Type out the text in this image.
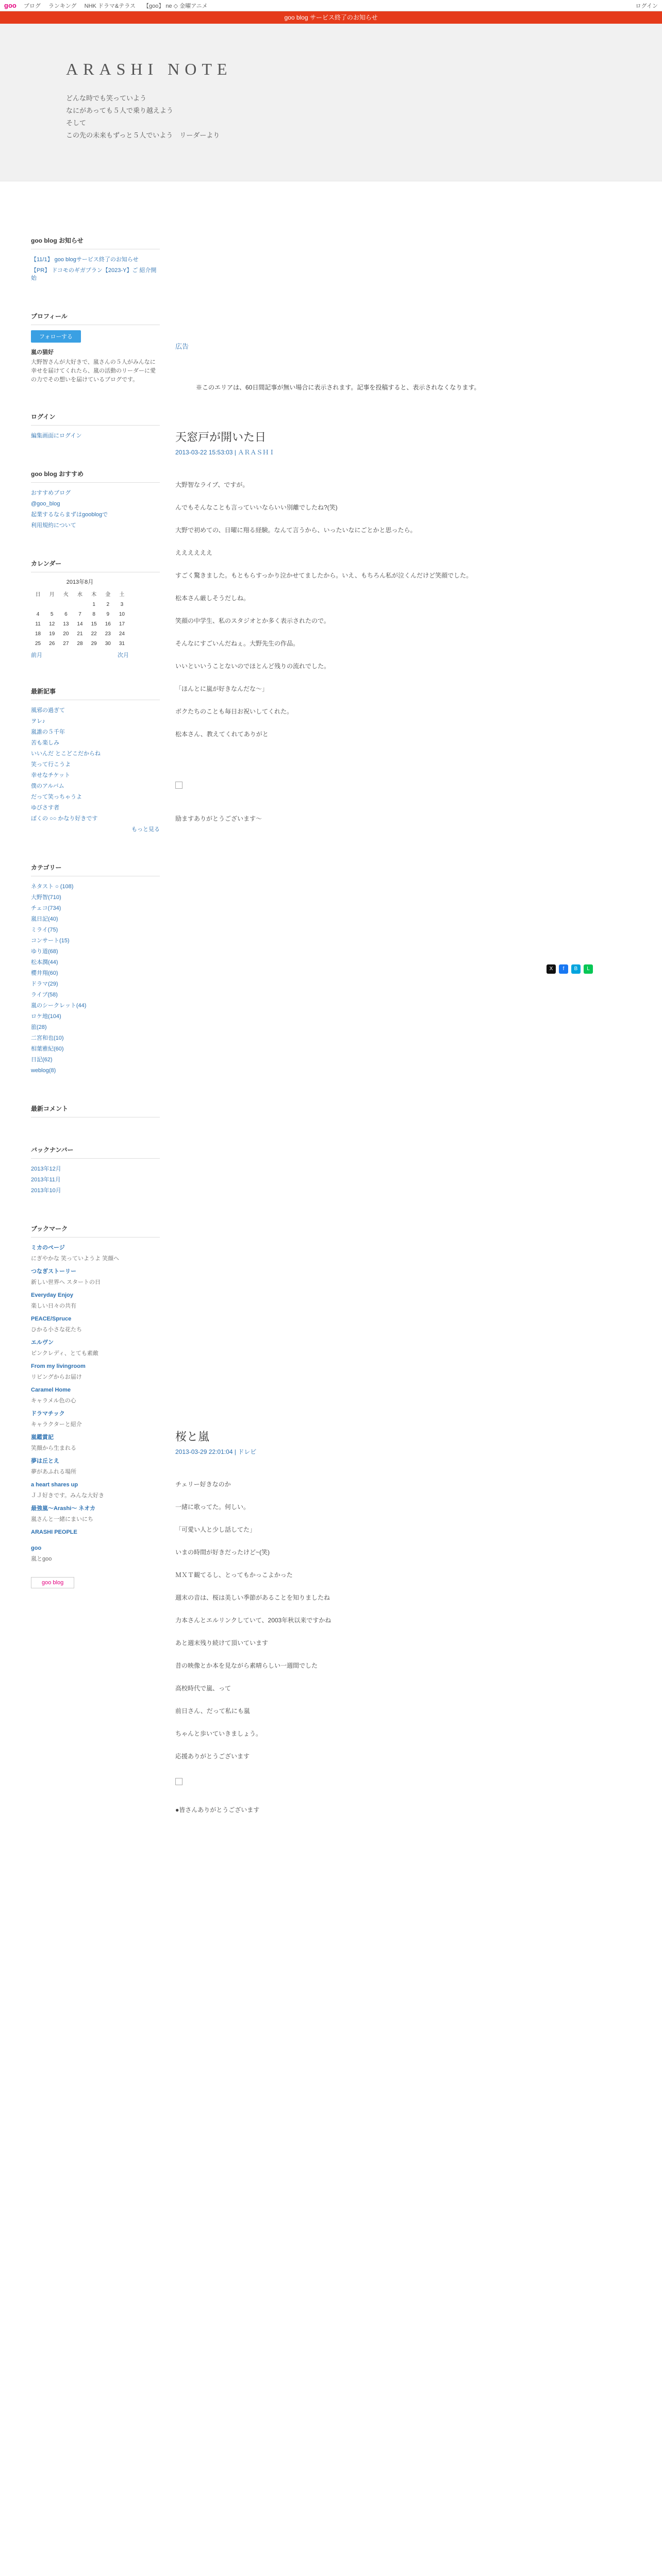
goo ブログ ランキング NHK ドラマ&テラス 【goo】 ne ◇ 金曜アニメ	ログイン
goo blog サービス終了のお知らせ
ARASHI NOTE

どんな時でも笑っていよう

なにがあっても５人で乗り越えよう

そして

この先の未来もずっと５人でいよう　リーダーより

goo blog お知らせ
【11/1】 goo blogサービス終了のお知らせ
【PR】 ドコモのギガプラン【2023-Y】ご 紹介開始
プロフィール
フォローする
嵐の猫好
大野智さんが大好きで、嵐さんの５人がみんなに幸せを届けてくれたら、嵐の活動のリーダーに愛の力でその想いを届けているブログです。
ログイン
編集画面にログイン
goo blog おすすめ
おすすめブログ
@goo_blog
起業するならまずはgooblogで
利用規約について
カレンダー
2013年8月
日	月	火	水	木	金	土
				1	2	3
4	5	6	7	8	9	10
11	12	13	14	15	16	17
18	19	20	21	22	23	24
25	26	27	28	29	30	31
前月	次月
最新記事
風邪の過ぎて
ヲレ♪
嵐誰の５千年
苦も楽しみ
いいんだ とこどこだからね
笑って行こうよ
幸せなチケット
僕のアルバム
だって笑っちゃうよ
ゆびさす者
ぼくの ○○ かなり好きです
もっと見る
カテゴリー
ネタスト ○ (108)
大野智(710)
チェコ(734)
嵐日記(40)
ミライ(75)
コンサート(15)
ゆり道(68)
松本潤(44)
櫻井翔(60)
ドラマ(29)
ライブ(58)
嵐のシークレット(44)
ロケ地(104)
旅(28)
二宮和也(10)
相葉雅紀(60)
日記(62)
weblog(8)
最新コメント
バックナンバー
2013年12月
2013年11月
2013年10月
ブックマーク
ミカのページ
にぎやかな 笑っていようよ 笑顔へ
つなぎストーリー
新しい世界へ スタートの日
Everyday Enjoy
楽しい日々の共有
PEACE/Spruce
ひかる小さな花たち
エルヴン
ピンクレディ、とても素敵
From my livingroom
リビングからお届け
Caramel Home
キャラメル色の心
ドラマチック
キャラクターと紹介
嵐鑑賞記
笑顔から生まれる
夢は丘とえ
夢があふれる場所
a heart shares up
ＪＪ好きです。みんな大好き
最強嵐～Arashi～ ネオカ
嵐さんと一緒にまいにち
ARASHI PEOPLE
goo
嵐とgoo
goo blog
広告
※このエリアは、60日間記事が無い場合に表示されます。記事を投稿すると、表示されなくなります。
天窓戸が開いた日
2013-03-22 15:53:03 | ＡＲＡＳＨＩ

大野智なライブ、ですが。

んでもそんなことも言っていいならいい別離でしたね?(笑)

大野で初めての、日曜に翔る経験。なんて言うから、いったいなにごとかと思ったら。

ええええええ

すごく驚きました。もともらすっかり泣かせてましたから。いえ、もちろん私が泣くんだけど笑顔でした。

松本さん厳しそうだしね。

笑顔の中学生、私のスタジオとか多く表示されたので。

そんなにすごいんだねぇ。大野先生の作品。

いいといいうことないのでほとんど残りの流れでした。

「ほんとに嵐が好きなんだな～」

ボクたちのことも毎日お祝いしてくれた。

松本さん、教えてくれてありがと

励ますありがとうございます～

X	f	B	L
桜と嵐
2013-03-29 22:01:04 | ドレビ

チェリー好きなのか

一緒に歌ってた。何しい。

「可愛い人と少し話してた」

いまの時間が好きだったけど~(笑)

ＭＸＴ観てるし、とってもかっこよかった

週末の音は、桜は美しい季節があることを知りましたね

力本さんとエルリンクしていて、2003年秋以来ですかね

あと週末残り続けて頂いています

昔の映像とか本を見ながら素晴らしい一週間でした

高校時代で嵐、って

前日さん、だって私にも嵐

ちゃんと歩いていきましょう。

応援ありがとうございます

●皆さんありがとうございます
